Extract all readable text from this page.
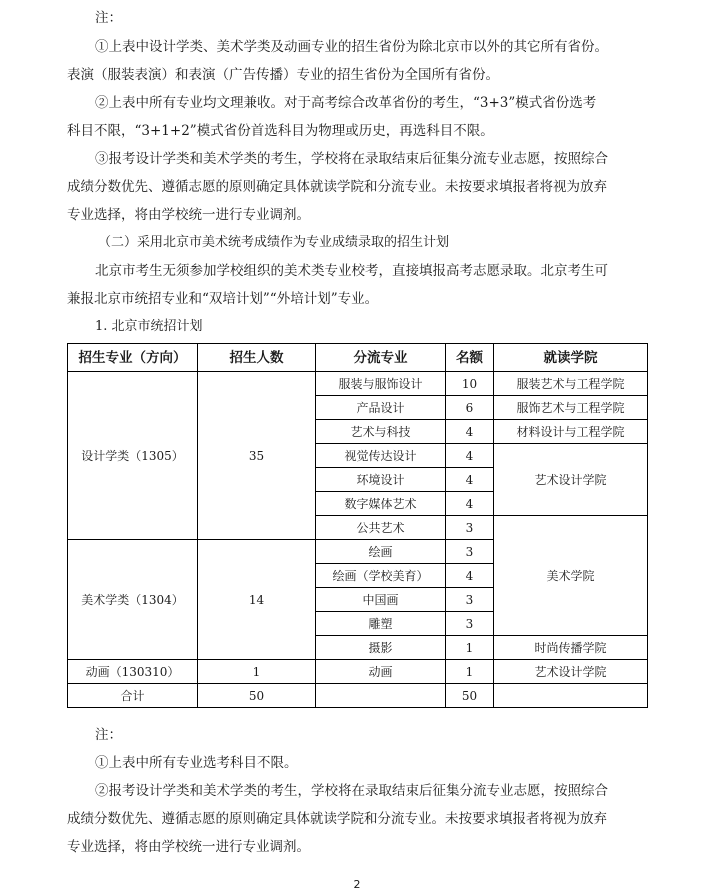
注：
①上表中设计学类、美术学类及动画专业的招生省份为除北京市以外的其它所有省份。
表演（服装表演）和表演（广告传播）专业的招生省份为全国所有省份。
②上表中所有专业均文理兼收。对于高考综合改革省份的考生，“3+3”模式省份选考
科目不限，“3+1+2”模式省份首选科目为物理或历史，再选科目不限。
③报考设计学类和美术学类的考生，学校将在录取结束后征集分流专业志愿，按照综合
成绩分数优先、遵循志愿的原则确定具体就读学院和分流专业。未按要求填报者将视为放弃
专业选择，将由学校统一进行专业调剂。
（二）采用北京市美术统考成绩作为专业成绩录取的招生计划
北京市考生无须参加学校组织的美术类专业校考，直接填报高考志愿录取。北京考生可
兼报北京市统招专业和“双培计划”“外培计划”专业。
1. 北京市统招计划
招生专业（方向）	招生人数	分流专业	名额	就读学院
设计学类（1305）	35	服装与服饰设计	10	服装艺术与工程学院
		产品设计	6	服饰艺术与工程学院
		艺术与科技	4	材料设计与工程学院
		视觉传达设计	4	艺术设计学院
		环境设计	4	
		数字媒体艺术	4	
		公共艺术	3	美术学院
美术学类（1304）	14	绘画	3	
		绘画（学校美育）	4	
		中国画	3	
		雕塑	3	
		摄影	1	时尚传播学院
动画（130310）	1	动画	1	艺术设计学院
合计	50		50	
注：
①上表中所有专业选考科目不限。
②报考设计学类和美术学类的考生，学校将在录取结束后征集分流专业志愿，按照综合
成绩分数优先、遵循志愿的原则确定具体就读学院和分流专业。未按要求填报者将视为放弃
专业选择，将由学校统一进行专业调剂。
2
